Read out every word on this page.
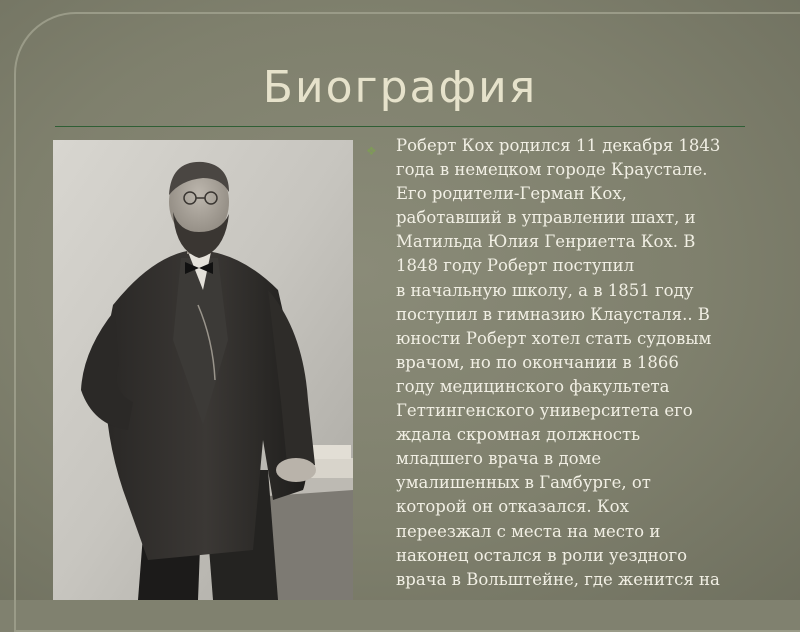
Биография
❖ Роберт Кох родился 11 декабря 1843
года в немецком городе Краустале.
Его родители-Герман Кох,
работавший в управлении шахт, и
Матильда Юлия Генриетта Кох. В
1848 году Роберт поступил
в начальную школу, а в 1851 году
поступил в гимназию Клаусталя.. В
юности Роберт хотел стать судовым
врачом, но по окончании в 1866
году медицинского факультета
Геттингенского университета его
ждала скромная должность
младшего врача в доме
умалишенных в Гамбурге, от
которой он отказался. Кох
переезжал с места на место и
наконец остался в роли уездного
врача в Вольштейне, где женится на
